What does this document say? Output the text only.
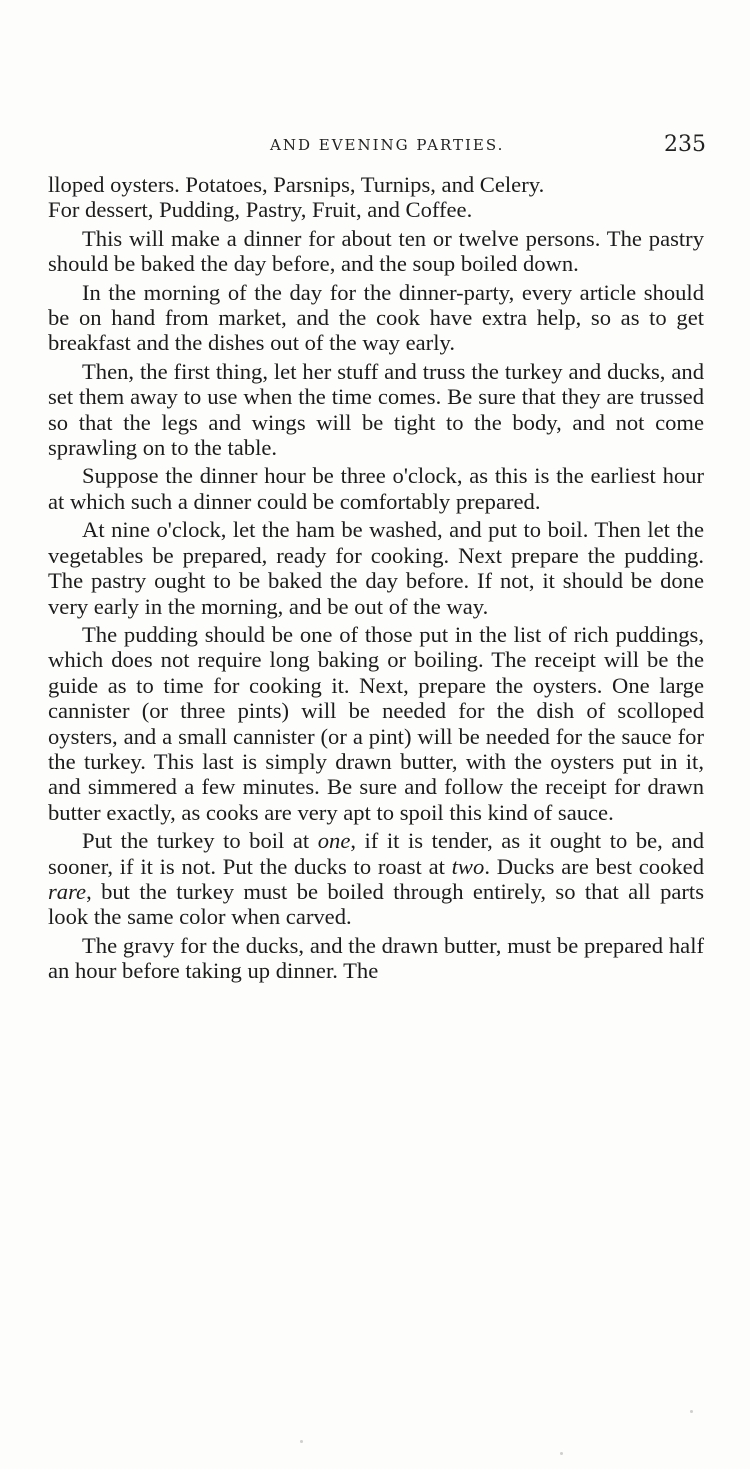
AND EVENING PARTIES.	235

lloped oysters. Potatoes, Parsnips, Turnips, and Celery.
For dessert, Pudding, Pastry, Fruit, and Coffee.

This will make a dinner for about ten or twelve persons. The pastry should be baked the day before, and the soup boiled down.

In the morning of the day for the dinner-party, every article should be on hand from market, and the cook have extra help, so as to get breakfast and the dishes out of the way early.

Then, the first thing, let her stuff and truss the turkey and ducks, and set them away to use when the time comes. Be sure that they are trussed so that the legs and wings will be tight to the body, and not come sprawling on to the table.

Suppose the dinner hour be three o'clock, as this is the earliest hour at which such a dinner could be comfortably prepared.

At nine o'clock, let the ham be washed, and put to boil. Then let the vegetables be prepared, ready for cooking. Next prepare the pudding. The pastry ought to be baked the day before. If not, it should be done very early in the morning, and be out of the way.

The pudding should be one of those put in the list of rich puddings, which does not require long baking or boiling. The receipt will be the guide as to time for cooking it. Next, prepare the oysters. One large cannister (or three pints) will be needed for the dish of scolloped oysters, and a small cannister (or a pint) will be needed for the sauce for the turkey. This last is simply drawn butter, with the oysters put in it, and simmered a few minutes. Be sure and follow the receipt for drawn butter exactly, as cooks are very apt to spoil this kind of sauce.

Put the turkey to boil at one, if it is tender, as it ought to be, and sooner, if it is not. Put the ducks to roast at two. Ducks are best cooked rare, but the turkey must be boiled through entirely, so that all parts look the same color when carved.

The gravy for the ducks, and the drawn butter, must be prepared half an hour before taking up dinner. The
